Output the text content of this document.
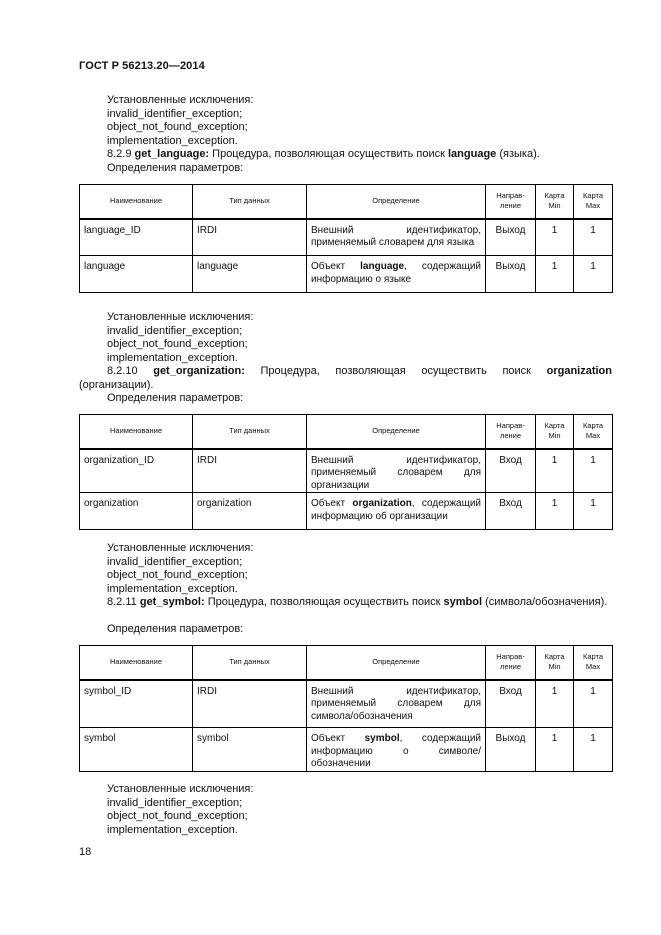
ГОСТ Р 56213.20—2014
Установленные исключения:
invalid_identifier_exception;
object_not_found_exception;
implementation_exception.
8.2.9 get_language: Процедура, позволяющая осуществить поиск language (языка).
Определения параметров:
Наименование	Тип данных	Определение	Направ-ление	Карта Min	Карта Max
language_ID	IRDI	Внешний идентификатор, применяемый словарем для языка	Выход	1	1
language	language	Объект language, содержащий информацию о языке	Выход	1	1
Установленные исключения:
invalid_identifier_exception;
object_not_found_exception;
implementation_exception.
8.2.10 get_organization: Процедура, позволяющая осуществить поиск organization (организации).
Определения параметров:
Наименование	Тип данных	Определение	Направ-ление	Карта Min	Карта Max
organization_ID	IRDI	Внешний идентификатор, применяемый словарем для организации	Вход	1	1
organization	organization	Объект organization, содержащий информацию об организации	Вход	1	1
Установленные исключения:
invalid_identifier_exception;
object_not_found_exception;
implementation_exception.
8.2.11 get_symbol: Процедура, позволяющая осуществить поиск symbol (символа/обозначения).
Определения параметров:
Наименование	Тип данных	Определение	Направ-ление	Карта Min	Карта Max
symbol_ID	IRDI	Внешний идентификатор, применяемый словарем для символа/обозначения	Вход	1	1
symbol	symbol	Объект symbol, содержащий информацию о символе/обозначении	Выход	1	1
Установленные исключения:
invalid_identifier_exception;
object_not_found_exception;
implementation_exception.
18
